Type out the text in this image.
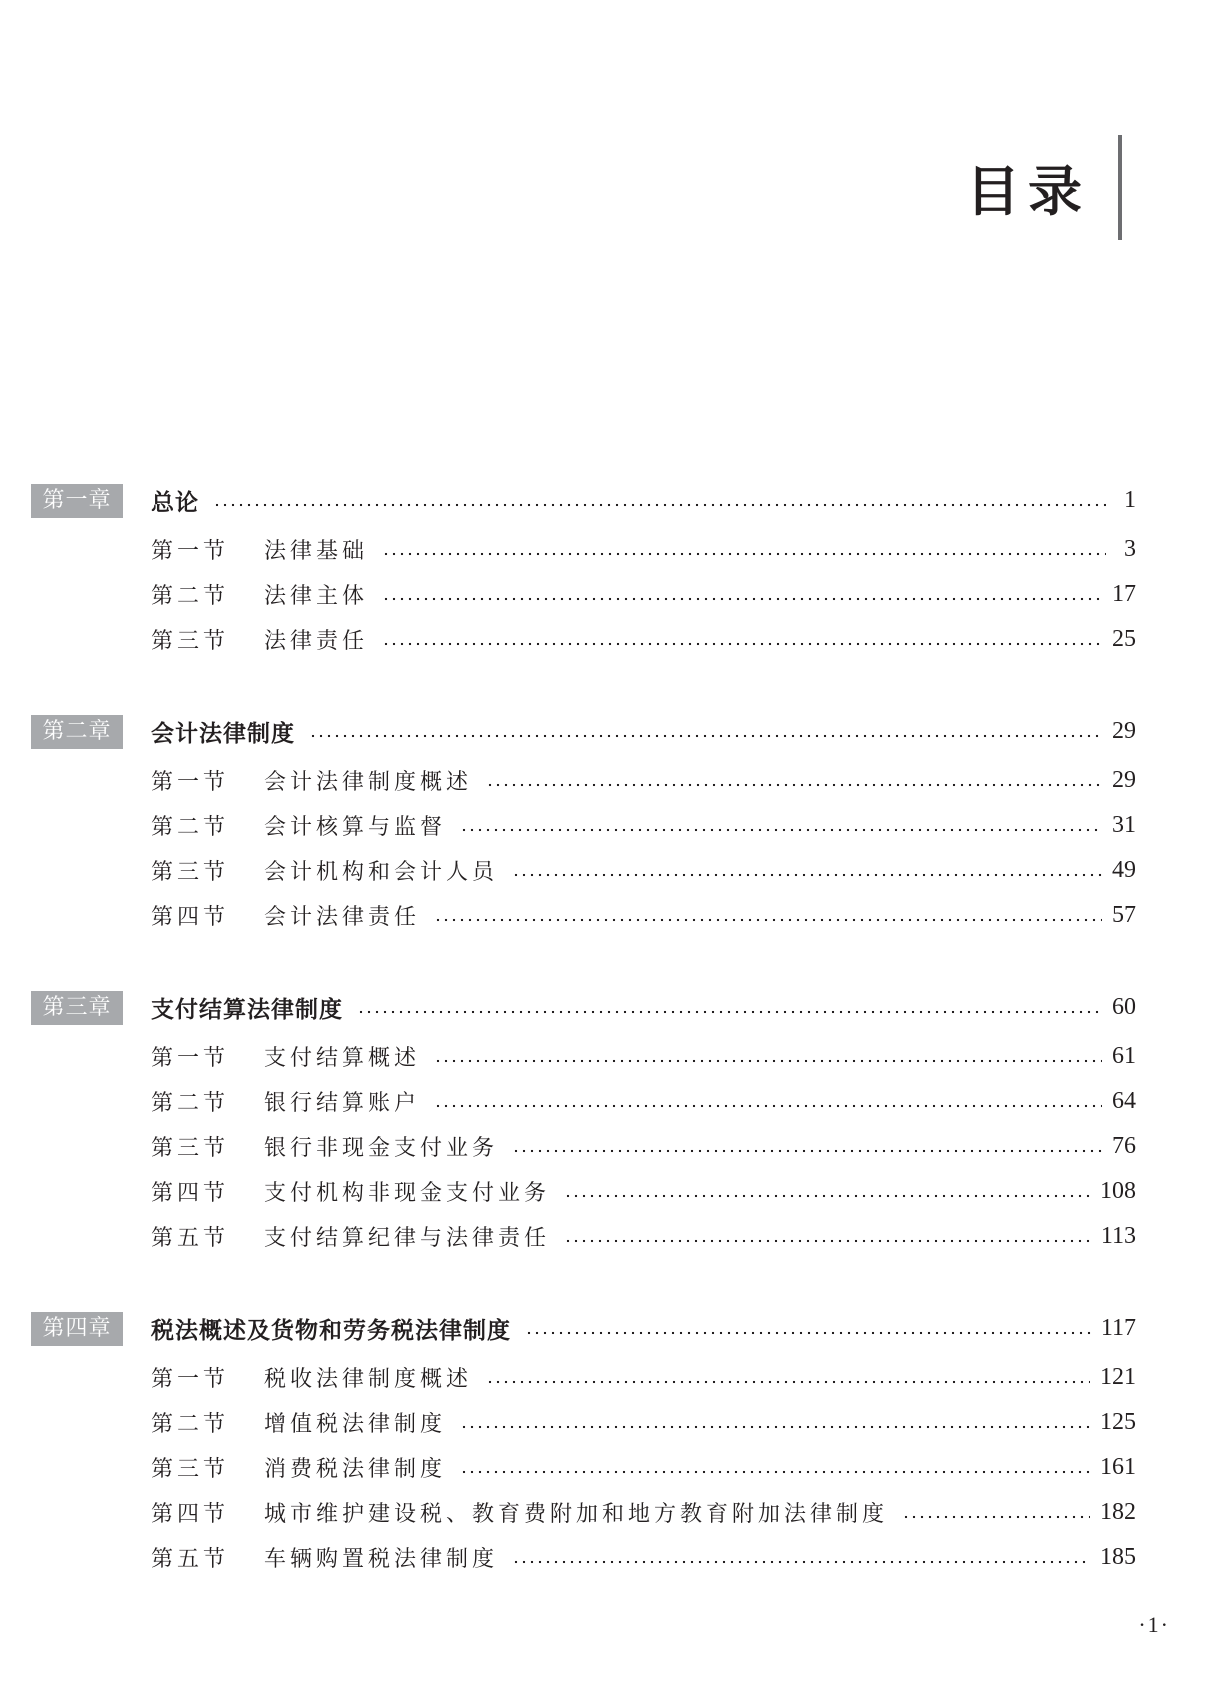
目录
第一章	总论	1
第一节	法律基础	3
第二节	法律主体	17
第三节	法律责任	25
第二章	会计法律制度	29
第一节	会计法律制度概述	29
第二节	会计核算与监督	31
第三节	会计机构和会计人员	49
第四节	会计法律责任	57
第三章	支付结算法律制度	60
第一节	支付结算概述	61
第二节	银行结算账户	64
第三节	银行非现金支付业务	76
第四节	支付机构非现金支付业务	108
第五节	支付结算纪律与法律责任	113
第四章	税法概述及货物和劳务税法律制度	117
第一节	税收法律制度概述	121
第二节	增值税法律制度	125
第三节	消费税法律制度	161
第四节	城市维护建设税、教育费附加和地方教育附加法律制度	182
第五节	车辆购置税法律制度	185
·1·
